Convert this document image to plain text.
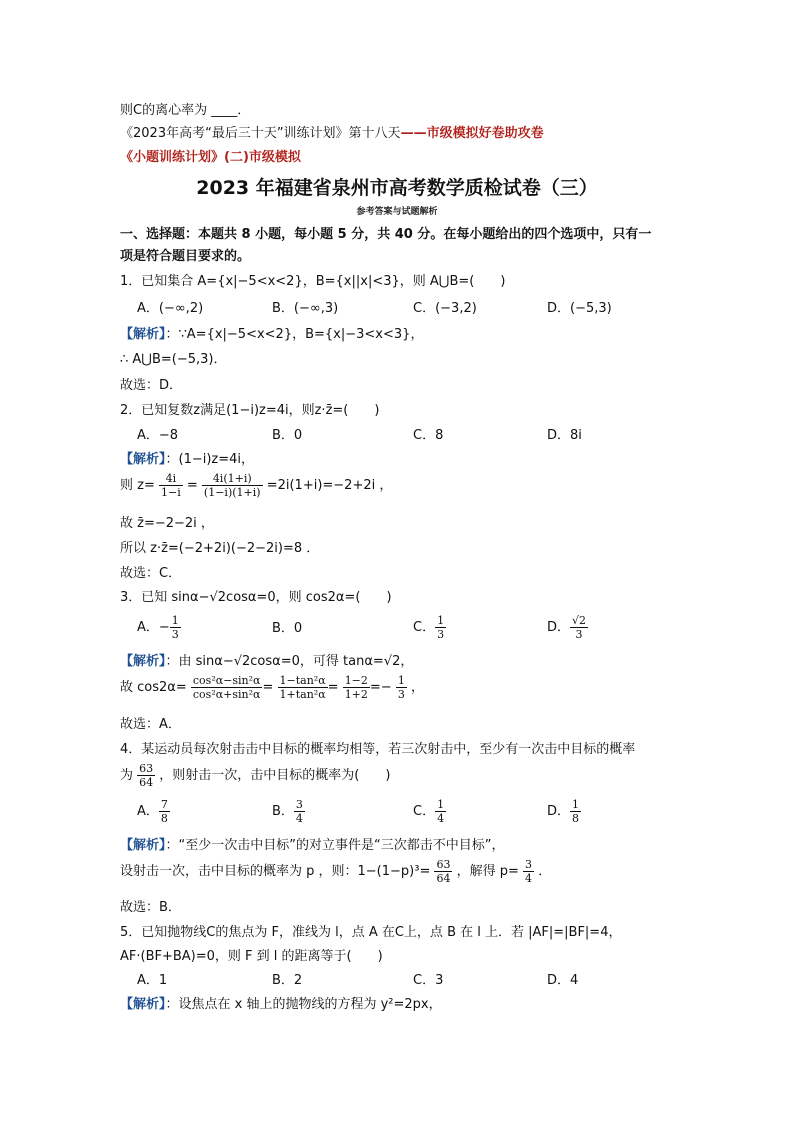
则C的离心率为 ____．
《2023年高考“最后三十天”训练计划》第十八天——市级模拟好卷助攻卷
《小题训练计划》(二)市级模拟
2023 年福建省泉州市高考数学质检试卷（三）
参考答案与试题解析
一、选择题：本题共 8 小题，每小题 5 分，共 40 分。在每小题给出的四个选项中，只有一
项是符合题目要求的。
1．已知集合 A={x|−5<x<2}，B={x||x|<3}，则 A⋃B=(　　)
A．(−∞,2)	B．(−∞,3)	C．(−3,2)	D．(−5,3)
【解析】：∵A={x|−5<x<2}，B={x|−3<x<3}，
∴ A⋃B=(−5,3)．
故选：D．
2．已知复数z满足(1−i)z=4i，则z·z̄=(　　)
A．−8	B．0	C．8	D．8i
【解析】：(1−i)z=4i，
则 $z= \frac{4i}{1-i} = \frac{4i(1+i)}{(1-i)(1+i)} =2i(1+i)=-2+2i$ ，
故 z̄=−2−2i ，
所以 z·z̄=(−2+2i)(−2−2i)=8 ．
故选：C．
3．已知 sinα−√2cosα=0，则 cos2α=(　　)
A．− $\frac{1}{3}$	B．0	C． $\frac{1}{3}$	D． $\frac{√2}{3}$
【解析】：由 sinα−√2cosα=0，可得 tanα=√2，
故 $\cos 2\alpha= \frac{\text{cos²α−sin²α}}{\text{cos²α+sin²α}} = \frac{\text{1−tan²α}}{\text{1+tan²α}} = \frac{1-2}{1+2} =- \frac{1}{3}$ ，
故选：A．
4．某运动员每次射击击中目标的概率均相等，若三次射击中，至少有一次击中目标的概率
为 $\frac{63}{64}$ ，则射击一次，击中目标的概率为(　　)
A． $\frac{7}{8}$	B． $\frac{3}{4}$	C． $\frac{1}{4}$	D． $\frac{1}{8}$
【解析】：“至少一次击中目标”的对立事件是“三次都击不中目标”，
设射击一次，击中目标的概率为 p ，则：$1-(1-p)^3= \frac{63}{64}$ ，解得 $p= \frac{3}{4}$ ．
故选：B．
5．已知抛物线C的焦点为 F，准线为 l，点 A 在C上，点 B 在 l 上．若 |AF|=|BF|=4，
AF·(BF+BA)=0，则 F 到 l 的距离等于(　　)
A．1	B．2	C．3	D．4
【解析】：设焦点在 x 轴上的抛物线的方程为 y²=2px，
